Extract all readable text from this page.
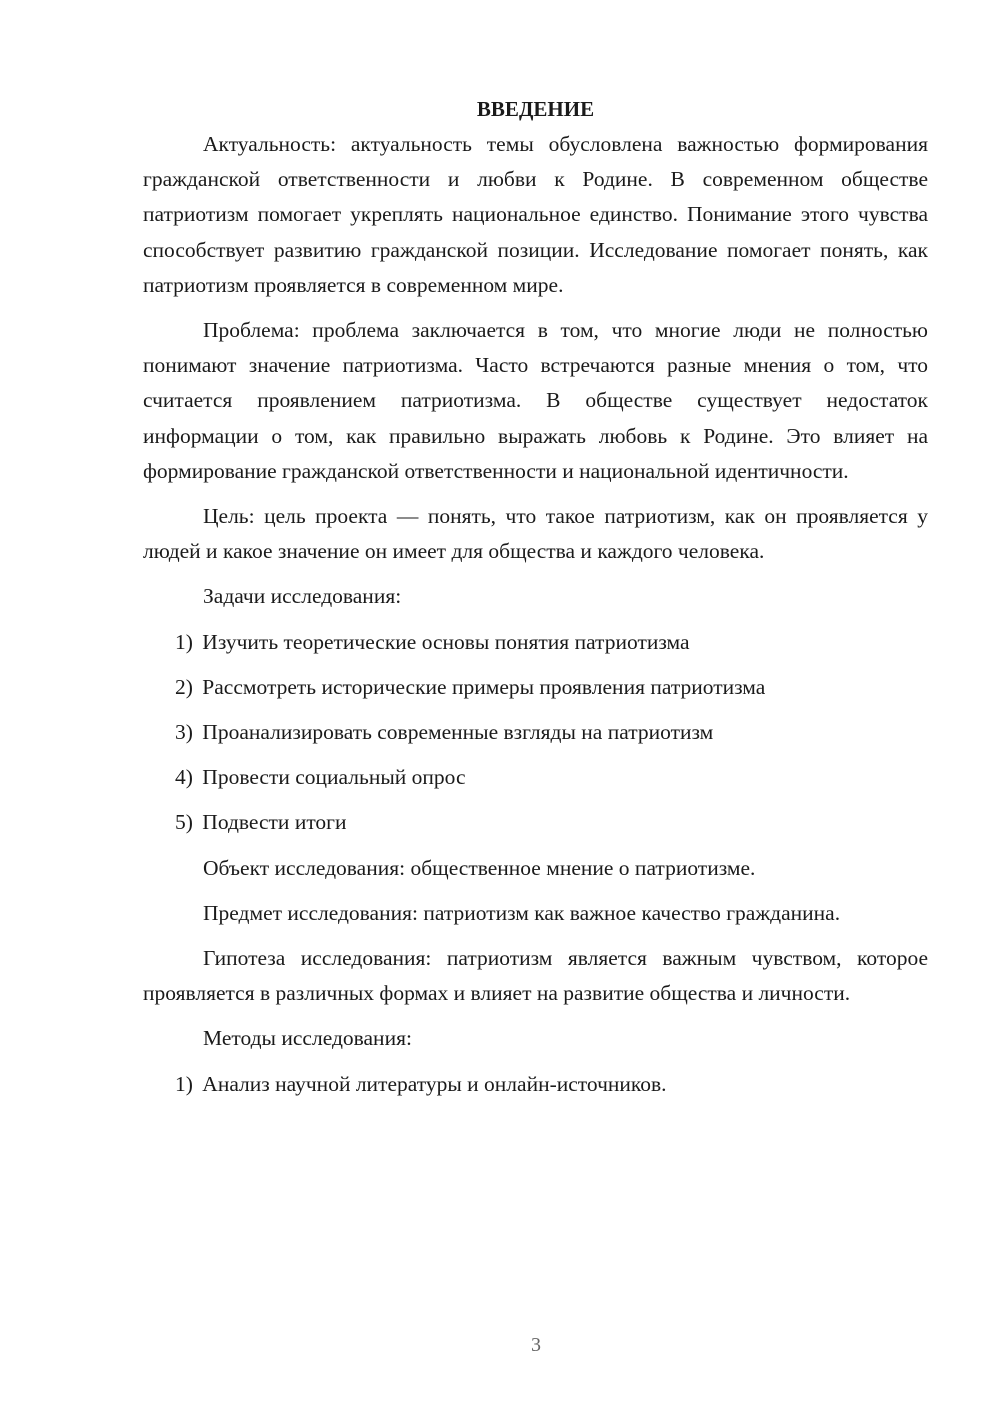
ВВЕДЕНИЕ

Актуальность: актуальность темы обусловлена важностью формирования гражданской ответственности и любви к Родине. В современном обществе патриотизм помогает укреплять национальное единство. Понимание этого чувства способствует развитию гражданской позиции. Исследование помогает понять, как патриотизм проявляется в современном мире.

Проблема: проблема заключается в том, что многие люди не полностью понимают значение патриотизма. Часто встречаются разные мнения о том, что считается проявлением патриотизма. В обществе существует недостаток информации о том, как правильно выражать любовь к Родине. Это влияет на формирование гражданской ответственности и национальной идентичности.

Цель: цель проекта — понять, что такое патриотизм, как он проявляется у людей и какое значение он имеет для общества и каждого человека.

Задачи исследования:

1) Изучить теоретические основы понятия патриотизма
2) Рассмотреть исторические примеры проявления патриотизма
3) Проанализировать современные взгляды на патриотизм
4) Провести социальный опрос
5) Подвести итоги

Объект исследования: общественное мнение о патриотизме.

Предмет исследования: патриотизм как важное качество гражданина.

Гипотеза исследования: патриотизм является важным чувством, которое проявляется в различных формах и влияет на развитие общества и личности.

Методы исследования:

1) Анализ научной литературы и онлайн-источников.
3
